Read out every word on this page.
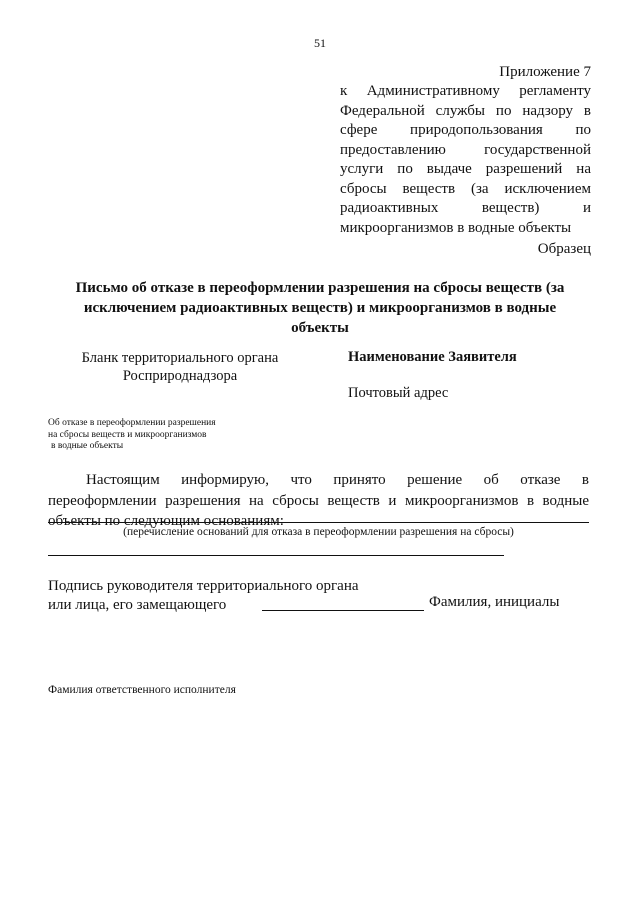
51
Приложение 7
к Административному регламенту
Федеральной службы по надзору в
сфере природопользования по
предоставлению государственной
услуги по выдаче разрешений на
сбросы веществ (за исключением
радиоактивных веществ) и
микроорганизмов в водные объекты
Образец
Письмо об отказе в переоформлении разрешения на сбросы веществ (за
исключением радиоактивных веществ) и микроорганизмов в водные
объекты
Бланк территориального органа
Росприроднадзора
Наименование Заявителя
Почтовый адрес
Об отказе в переоформлении разрешения
на сбросы веществ и микроорганизмов
в водные объекты
Настоящим информирую, что принято решение об отказе в
переоформлении разрешения на сбросы веществ и микроорганизмов в водные
объекты по следующим основаниям:
(перечисление оснований для отказа в переоформлении разрешения на сбросы)
Подпись руководителя территориального органа
или лица, его замещающего	Фамилия, инициалы
Фамилия ответственного исполнителя
